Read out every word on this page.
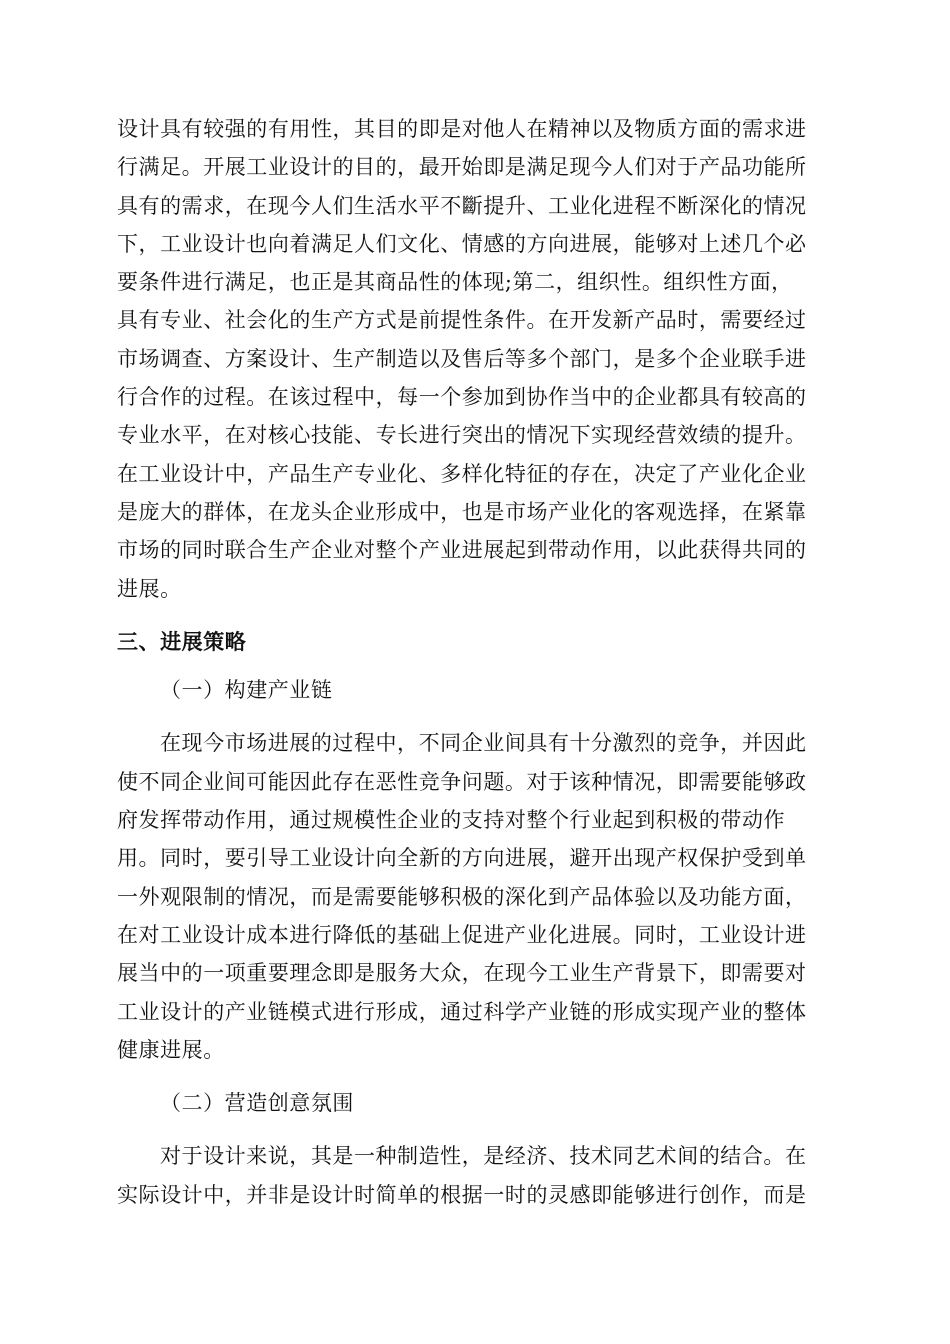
设计具有较强的有用性，其目的即是对他人在精神以及物质方面的需求进
行满足。开展工业设计的目的，最开始即是满足现今人们对于产品功能所
具有的需求，在现今人们生活水平不斷提升、工业化进程不断深化的情况
下，工业设计也向着满足人们文化、情感的方向进展，能够对上述几个必
要条件进行满足，也正是其商品性的体现;第二，组织性。组织性方面，
具有专业、社会化的生产方式是前提性条件。在开发新产品时，需要经过
市场调查、方案设计、生产制造以及售后等多个部门，是多个企业联手进
行合作的过程。在该过程中，每一个参加到协作当中的企业都具有较高的
专业水平，在对核心技能、专长进行突出的情况下实现经营效绩的提升。
在工业设计中，产品生产专业化、多样化特征的存在，决定了产业化企业
是庞大的群体，在龙头企业形成中，也是市场产业化的客观选择，在紧靠
市场的同时联合生产企业对整个产业进展起到带动作用，以此获得共同的
进展。
三、进展策略
（一）构建产业链
在现今市场进展的过程中，不同企业间具有十分激烈的竞争，并因此
使不同企业间可能因此存在恶性竞争问题。对于该种情况，即需要能够政
府发挥带动作用，通过规模性企业的支持对整个行业起到积极的带动作
用。同时，要引导工业设计向全新的方向进展，避开出现产权保护受到单
一外观限制的情况，而是需要能够积极的深化到产品体验以及功能方面，
在对工业设计成本进行降低的基础上促进产业化进展。同时，工业设计进
展当中的一项重要理念即是服务大众，在现今工业生产背景下，即需要对
工业设计的产业链模式进行形成，通过科学产业链的形成实现产业的整体
健康进展。
（二）营造创意氛围
对于设计来说，其是一种制造性，是经济、技术同艺术间的结合。在
实际设计中，并非是设计时简单的根据一时的灵感即能够进行创作，而是
